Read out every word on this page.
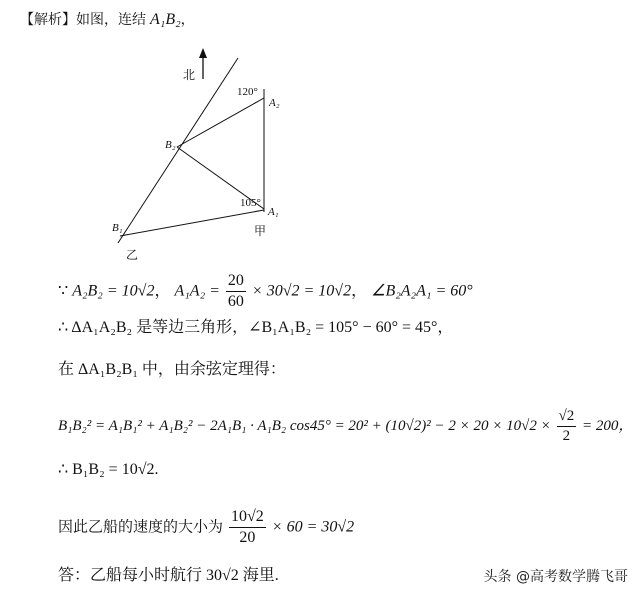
【解析】如图，连结 A₁B₂，
北
120°
A₂
B₂
105°
A₁
B₁	甲
乙
∵ A₂B₂ = 10√2， $A_1A_2 = \frac{20}{60} \times 30√2 = 10√2$， ∠B₂A₂A₁ = 60°
∴ ΔA₁A₂B₂ 是等边三角形，∠B₁A₁B₂ = 105° − 60° = 45°，
在 ΔA₁B₂B₁ 中，由余弦定理得：
B₁B₂² = A₁B₁² + A₁B₂² − 2A₁B₁ · A₁B₂ $\cos 45^\circ = 20^2 + (10√2)^2 - 2 \times 20 \times 10√2 \times \frac{√2}{2} = 200$，
∴ B₁B₂ = 10√2.
因此乙船的速度的大小为 $\frac{10√2}{20} \times 60 = 30√2$
答：乙船每小时航行 30√2 海里.	头条 @高考数学腾飞哥
